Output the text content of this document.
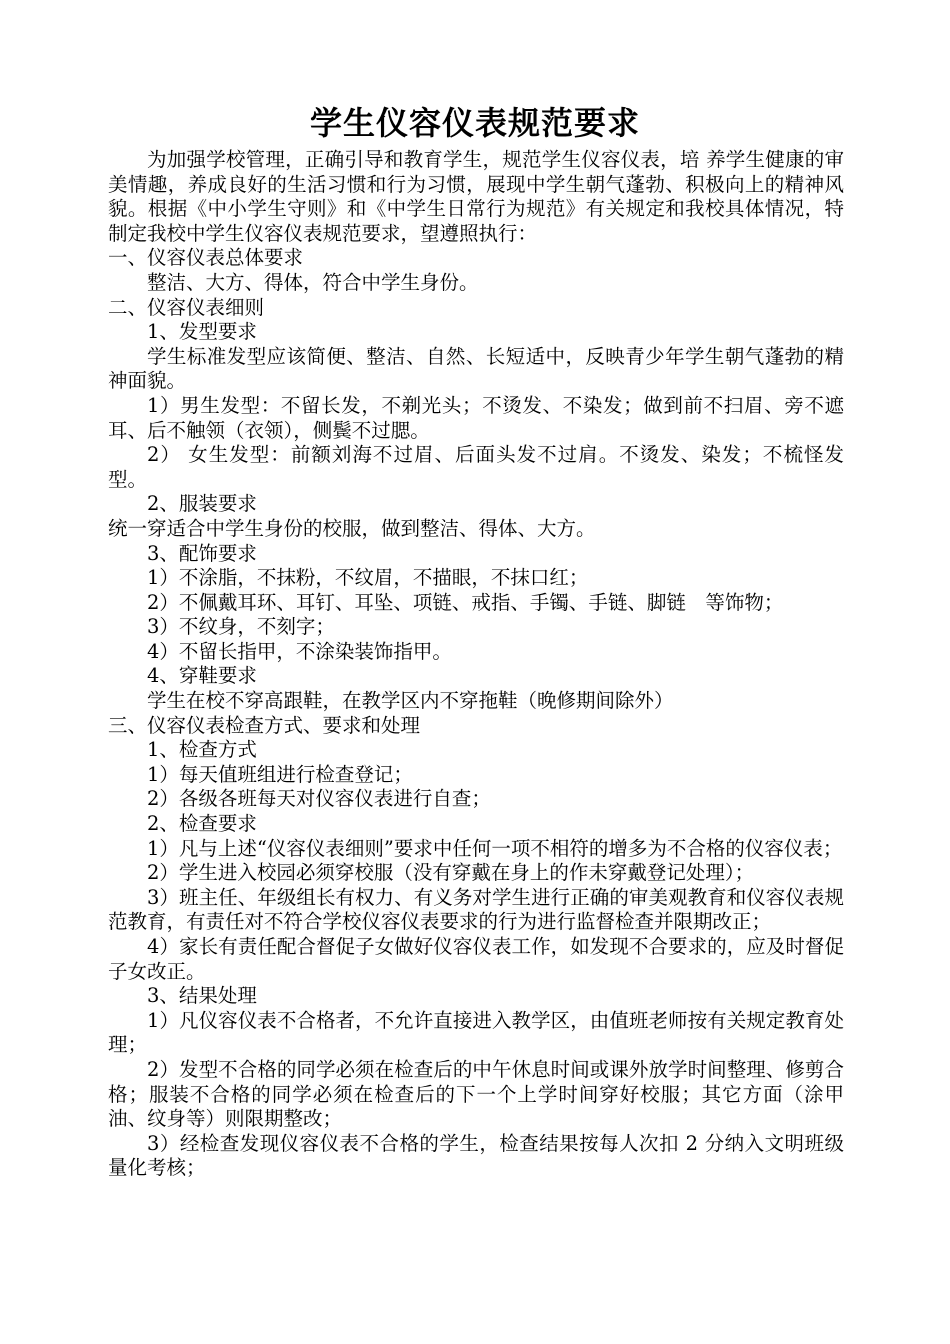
学生仪容仪表规范要求

为加强学校管理，正确引导和教育学生，规范学生仪容仪表，培 养学生健康的审美情趣，养成良好的生活习惯和行为习惯，展现中学生朝气蓬勃、积极向上的精神风貌。根据《中小学生守则》和《中学生日常行为规范》有关规定和我校具体情况，特制定我校中学生仪容仪表规范要求，望遵照执行：

一、仪容仪表总体要求

整洁、大方、得体，符合中学生身份。

二、仪容仪表细则

1、发型要求

学生标准发型应该简便、整洁、自然、长短适中，反映青少年学生朝气蓬勃的精神面貌。

1）男生发型：不留长发，不剃光头；不烫发、不染发；做到前不扫眉、旁不遮耳、后不触领（衣领），侧鬓不过腮。

2） 女生发型：前额刘海不过眉、后面头发不过肩。不烫发、染发；不梳怪发型。

2、服装要求

统一穿适合中学生身份的校服，做到整洁、得体、大方。

3、配饰要求

1）不涂脂，不抹粉，不纹眉，不描眼，不抹口红；

2）不佩戴耳环、耳钉、耳坠、项链、戒指、手镯、手链、脚链　等饰物；

3）不纹身，不刻字；

4）不留长指甲，不涂染装饰指甲。

4、穿鞋要求

学生在校不穿高跟鞋，在教学区内不穿拖鞋（晚修期间除外）

三、仪容仪表检查方式、要求和处理

1、检查方式

1）每天值班组进行检查登记；

2）各级各班每天对仪容仪表进行自查；

2、检查要求

1）凡与上述“仪容仪表细则”要求中任何一项不相符的增多为不合格的仪容仪表；

2）学生进入校园必须穿校服（没有穿戴在身上的作未穿戴登记处理）；

3）班主任、年级组长有权力、有义务对学生进行正确的审美观教育和仪容仪表规范教育，有责任对不符合学校仪容仪表要求的行为进行监督检查并限期改正；

4）家长有责任配合督促子女做好仪容仪表工作，如发现不合要求的，应及时督促子女改正。

3、结果处理

1）凡仪容仪表不合格者，不允许直接进入教学区，由值班老师按有关规定教育处理；

2）发型不合格的同学必须在检查后的中午休息时间或课外放学时间整理、修剪合格；服装不合格的同学必须在检查后的下一个上学时间穿好校服；其它方面（涂甲油、纹身等）则限期整改；

3）经检查发现仪容仪表不合格的学生，检查结果按每人次扣 2 分纳入文明班级量化考核；
